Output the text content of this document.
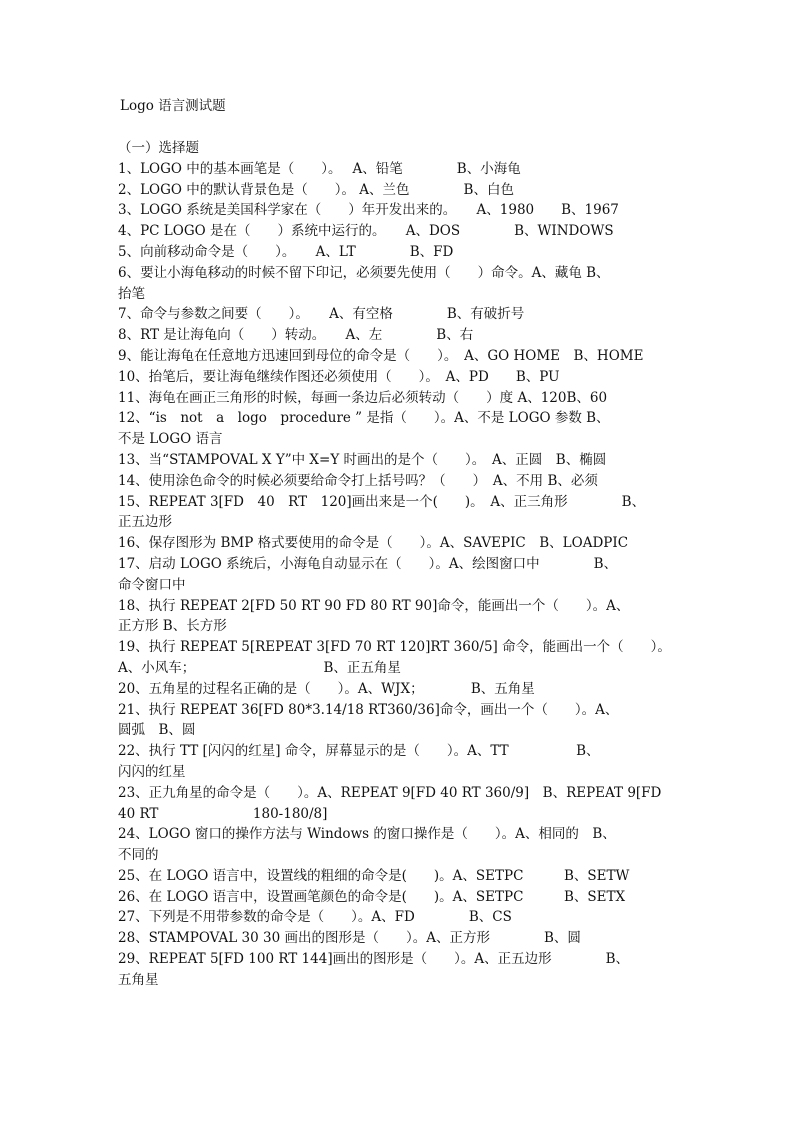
Logo 语言测试题
（一）选择题
1、LOGO 中的基本画笔是（　　）。　 A、铅笔　　　　B、小海龟
2、LOGO 中的默认背景色是（　　）。 A、兰色　　　　B、白色
3、LOGO 系统是美国科学家在（　　）年开发出来的。　　A、1980　　B、1967
4、PC LOGO 是在（　　）系统中运行的。　　A、DOS　　　　B、WINDOWS
5、向前移动命令是（　　）。　　A、LT　　　　B、FD
6、要让小海龟移动的时候不留下印记，必须要先使用（　　）命令。A、藏龟 B、
抬笔
7、命令与参数之间要（　　）。　　A、有空格　　　　B、有破折号
8、RT 是让海龟向（　　）转动。　　A、左　　　　B、右
9、能让海龟在任意地方迅速回到母位的命令是（　　）。　A、GO HOME　B、HOME
10、抬笔后，要让海龟继续作图还必须使用（　　）。　A、PD　　B、PU
11、海龟在画正三角形的时候，每画一条边后必须转动（　　）度 A、120B、60
12、“is　not　a　logo　procedure ” 是指（　　）。A、不是 LOGO 参数 B、
不是 LOGO 语言
13、当“STAMPOVAL X Y”中 X=Y 时画出的是个（　　）。　A、正圆　B、椭圆
14、使用涂色命令的时候必须要给命令打上括号吗？（　　）　A、不用 B、必须
15、REPEAT 3[FD　40　RT　120]画出来是一个(　　)。　A、正三角形　　　　B、
正五边形
16、保存图形为 BMP 格式要使用的命令是（　　）。A、SAVEPIC　B、LOADPIC
17、启动 LOGO 系统后，小海龟自动显示在（　　）。A、绘图窗口中　　　　B、
命令窗口中
18、执行 REPEAT 2[FD 50 RT 90 FD 80 RT 90]命令，能画出一个（　　）。A、
正方形 B、长方形
19、执行 REPEAT 5[REPEAT 3[FD 70 RT 120]RT 360/5] 命令，能画出一个（　　）。
A、小风车；　　　　　　　　　　B、正五角星
20、五角星的过程名正确的是（　　）。A、WJX；　　　　B、五角星
21、执行 REPEAT 36[FD 80*3.14/18 RT360/36]命令，画出一个（　　）。A、
圆弧　B、圆
22、执行 TT [闪闪的红星] 命令，屏幕显示的是（　　）。A、TT　　　　　B、
闪闪的红星
23、正九角星的命令是（　　）。A、REPEAT 9[FD 40 RT 360/9]　B、REPEAT 9[FD
40 RT　　　　　　　180-180/8]
24、LOGO 窗口的操作方法与 Windows 的窗口操作是（　　）。A、相同的　B、
不同的
25、在 LOGO 语言中，设置线的粗细的命令是(　　)。A、SETPC　　　B、SETW
26、在 LOGO 语言中，设置画笔颜色的命令是(　　)。A、SETPC　　　B、SETX
27、下列是不用带参数的命令是（　　）。A、FD　　　　B、CS
28、STAMPOVAL 30 30 画出的图形是（　　）。A、正方形　　　　B、圆
29、REPEAT 5[FD 100 RT 144]画出的图形是（　　）。A、正五边形　　　　B、
五角星
